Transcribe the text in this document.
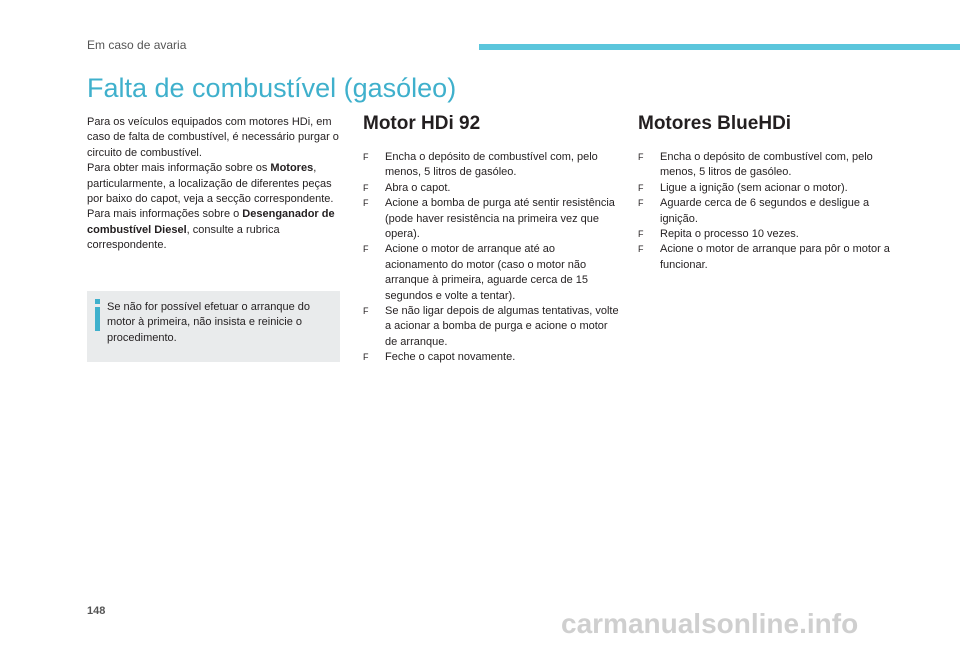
Em caso de avaria
Falta de combustível (gasóleo)

Para os veículos equipados com motores HDi, em caso de falta de combustível, é necessário purgar o circuito de combustível.
Para obter mais informação sobre os Motores, particularmente, a localização de diferentes peças por baixo do capot, veja a secção correspondente.
Para mais informações sobre o Desenganador de combustível Diesel, consulte a rubrica correspondente.

Se não for possível efetuar o arranque do motor à primeira, não insista e reinicie o procedimento.

Motor HDi 92
F Encha o depósito de combustível com, pelo menos, 5 litros de gasóleo.
F Abra o capot.
F Acione a bomba de purga até sentir resistência (pode haver resistência na primeira vez que opera).
F Acione o motor de arranque até ao acionamento do motor (caso o motor não arranque à primeira, aguarde cerca de 15 segundos e volte a tentar).
F Se não ligar depois de algumas tentativas, volte a acionar a bomba de purga e acione o motor de arranque.
F Feche o capot novamente.
Motores BlueHDi
F Encha o depósito de combustível com, pelo menos, 5 litros de gasóleo.
F Ligue a ignição (sem acionar o motor).
F Aguarde cerca de 6 segundos e desligue a ignição.
F Repita o processo 10 vezes.
F Acione o motor de arranque para pôr o motor a funcionar.
148	carmanualsonline.info
